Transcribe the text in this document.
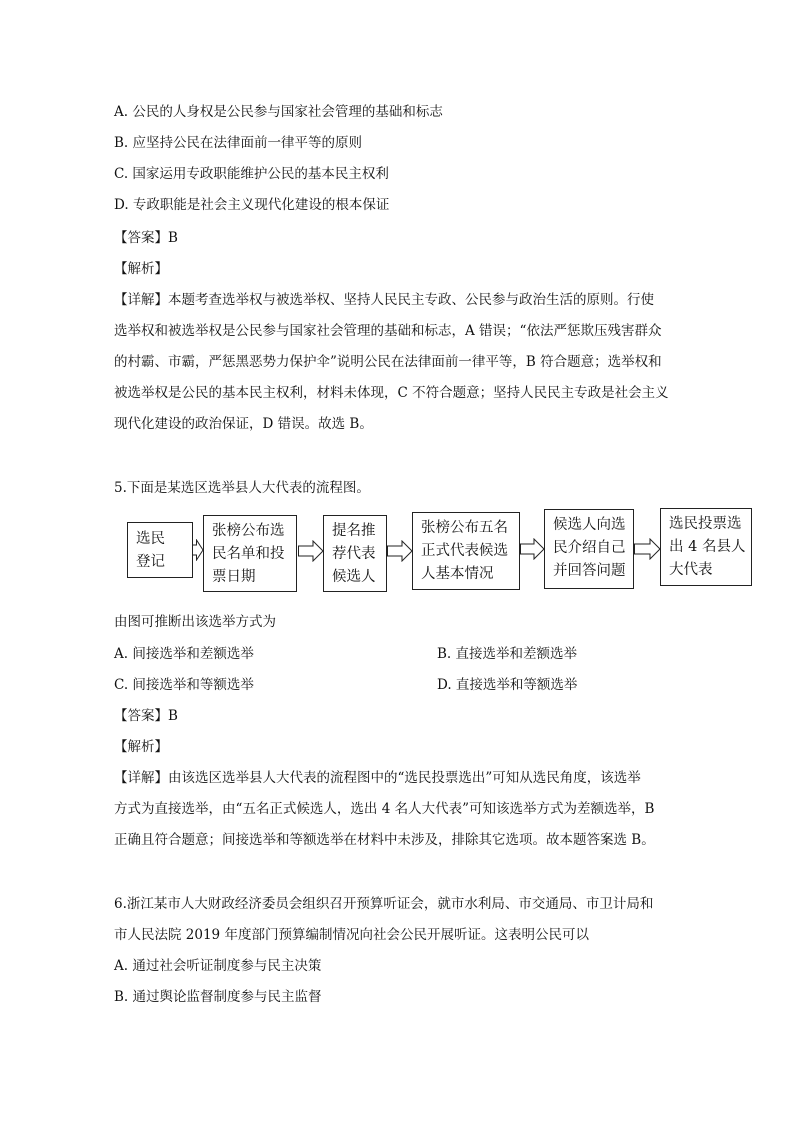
A. 公民的人身权是公民参与国家社会管理的基础和标志
B. 应坚持公民在法律面前一律平等的原则
C. 国家运用专政职能维护公民的基本民主权利
D. 专政职能是社会主义现代化建设的根本保证
【答案】B
【解析】
【详解】本题考查选举权与被选举权、坚持人民民主专政、公民参与政治生活的原则。行使
选举权和被选举权是公民参与国家社会管理的基础和标志，A 错误；“依法严惩欺压残害群众
的村霸、市霸，严惩黑恶势力保护伞”说明公民在法律面前一律平等，B 符合题意；选举权和
被选举权是公民的基本民主权利，材料未体现，C 不符合题意；坚持人民民主专政是社会主义
现代化建设的政治保证，D 错误。故选 B。
5.下面是某选区选举县人大代表的流程图。
选民
登记
张榜公布选
民名单和投
票日期
提名推
荐代表
候选人
张榜公布五名
正式代表候选
人基本情况
候选人向选
民介绍自己
并回答问题
选民投票选
出 4 名县人
大代表
由图可推断出该选举方式为
A. 间接选举和差额选举	B. 直接选举和差额选举
C. 间接选举和等额选举	D. 直接选举和等额选举
【答案】B
【解析】
【详解】由该选区选举县人大代表的流程图中的“选民投票选出”可知从选民角度，该选举
方式为直接选举，由“五名正式候选人，选出 4 名人大代表”可知该选举方式为差额选举，B
正确且符合题意；间接选举和等额选举在材料中未涉及，排除其它选项。故本题答案选 B。
6.浙江某市人大财政经济委员会组织召开预算听证会，就市水利局、市交通局、市卫计局和
市人民法院 2019 年度部门预算编制情况向社会公民开展听证。这表明公民可以
A. 通过社会听证制度参与民主决策
B. 通过舆论监督制度参与民主监督
